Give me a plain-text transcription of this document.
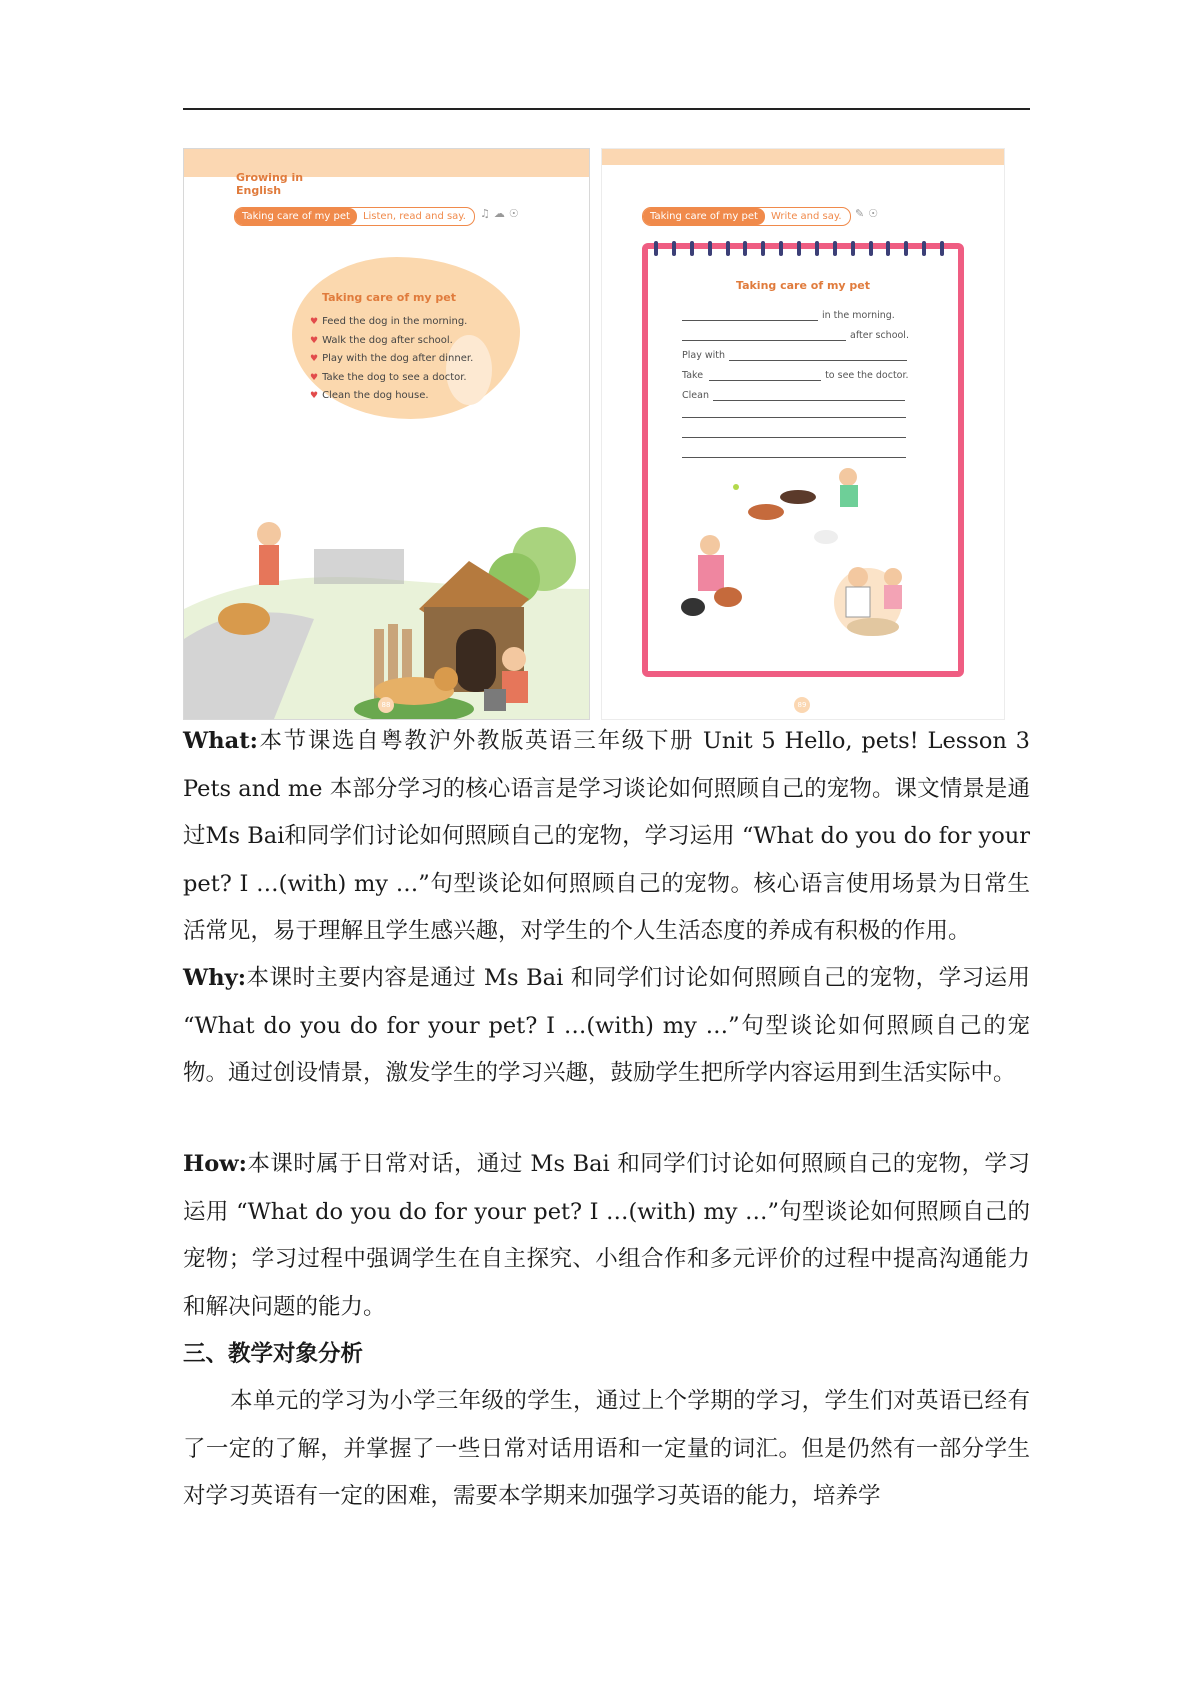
Growing in English
Taking care of my pet	Listen, read and say.	♫☁☉
Taking care of my pet
♥ Feed the dog in the morning.
♥ Walk the dog after school.
♥ Play with the dog after dinner.
♥ Take the dog to see a doctor.
♥ Clean the dog house.
88
Taking care of my pet	Write and say.	✎☉
Taking care of my pet
in the morning.
after school.
Play with
Take	to see the doctor.
Clean
89

What:本节课选自粤教沪外教版英语三年级下册 Unit 5 Hello, pets! Lesson 3 Pets and me 本部分学习的核心语言是学习谈论如何照顾自己的宠物。课文情景是通过Ms Bai和同学们讨论如何照顾自己的宠物，学习运用 “What do you do for your pet? I …(with) my …”句型谈论如何照顾自己的宠物。核心语言使用场景为日常生活常见，易于理解且学生感兴趣，对学生的个人生活态度的养成有积极的作用。

Why:本课时主要内容是通过 Ms Bai 和同学们讨论如何照顾自己的宠物，学习运用 “What do you do for your pet? I …(with) my …”句型谈论如何照顾自己的宠物。通过创设情景，激发学生的学习兴趣，鼓励学生把所学内容运用到生活实际中。

How:本课时属于日常对话，通过 Ms Bai 和同学们讨论如何照顾自己的宠物，学习运用 “What do you do for your pet? I …(with) my …”句型谈论如何照顾自己的宠物；学习过程中强调学生在自主探究、小组合作和多元评价的过程中提高沟通能力和解决问题的能力。

三、教学对象分析

本单元的学习为小学三年级的学生，通过上个学期的学习，学生们对英语已经有了一定的了解，并掌握了一些日常对话用语和一定量的词汇。但是仍然有一部分学生对学习英语有一定的困难，需要本学期来加强学习英语的能力，培养学
